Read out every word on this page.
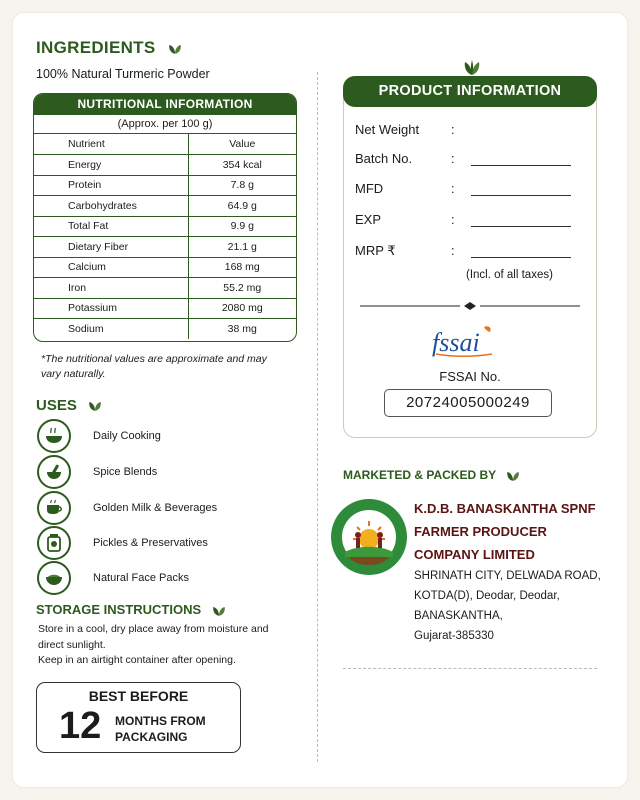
INGREDIENTS
100% Natural Turmeric Powder
NUTRITIONAL INFORMATION
(Approx. per 100 g)
Nutrient	Value
Energy	354 kcal
Protein	7.8 g
Carbohydrates	64.9 g
Total Fat	9.9 g
Dietary Fiber	21.1 g
Calcium	168 mg
Iron	55.2 mg
Potassium	2080 mg
Sodium	38 mg
*The nutritional values are approximate and may vary naturally.
USES
Daily Cooking
Spice Blends
Golden Milk & Beverages
Pickles & Preservatives
Natural Face Packs
STORAGE INSTRUCTIONS
Store in a cool, dry place away from moisture and direct sunlight.
Keep in an airtight container after opening.
BEST BEFORE
12 MONTHS FROM
PACKAGING
PRODUCT INFORMATION
Net Weight :
Batch No.	:
MFD	:
EXP	:
MRP ₹	:
(Incl. of all taxes)
fssai
FSSAI No.
20724005000249
MARKETED & PACKED BY
K.D.B. BANASKANTHA SPNF
FARMER PRODUCER
COMPANY LIMITED
SHRINATH CITY, DELWADA ROAD,
KOTDA(D), Deodar, Deodar,
BANASKANTHA,
Gujarat-385330
